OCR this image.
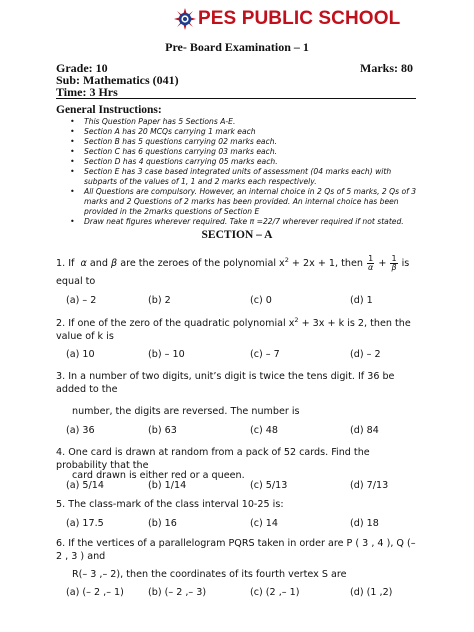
PES PUBLIC SCHOOL
Pre- Board Examination – 1
Grade: 10	Marks: 80
Sub: Mathematics (041)
Time: 3 Hrs
General Instructions:
• This Question Paper has 5 Sections A-E.
• Section A has 20 MCQs carrying 1 mark each
• Section B has 5 questions carrying 02 marks each.
• Section C has 6 questions carrying 03 marks each.
• Section D has 4 questions carrying 05 marks each.
• Section E has 3 case based integrated units of assessment (04 marks each) with subparts of the values of 1, 1 and 2 marks each respectively.
• All Questions are compulsory. However, an internal choice in 2 Qs of 5 marks, 2 Qs of 3 marks and 2 Questions of 2 marks has been provided. An internal choice has been provided in the 2marks questions of Section E
• Draw neat figures wherever required. Take π =22/7 wherever required if not stated.
SECTION – A
1. If α and β are the zeroes of the polynomial $x^2 + 2x + 1$, then $\frac{1}{\alpha} + \frac{1}{\beta}$ is
equal to
(a) – 2	(b) 2	(c) 0	(d) 1
2. If one of the zero of the quadratic polynomial $x^2 + 3x + k$ is 2, then the value of k is
(a) 10	(b) – 10	(c) – 7	(d) – 2
3. In a number of two digits, unit’s digit is twice the tens digit. If 36 be added to the
number, the digits are reversed. The number is
(a) 36	(b) 63	(c) 48	(d) 84
4. One card is drawn at random from a pack of 52 cards. Find the probability that the
card drawn is either red or a queen.
(a) 5/14	(b) 1/14	(c) 5/13	(d) 7/13
5. The class-mark of the class interval 10-25 is:
(a) 17.5	(b) 16	(c) 14	(d) 18
6. If the vertices of a parallelogram PQRS taken in order are P ( 3 , 4 ), Q (– 2 , 3 ) and
R(– 3 ,– 2), then the coordinates of its fourth vertex S are
(a) (– 2 ,– 1)	(b) (– 2 ,– 3)	(c) (2 ,– 1)	(d) (1 ,2)
